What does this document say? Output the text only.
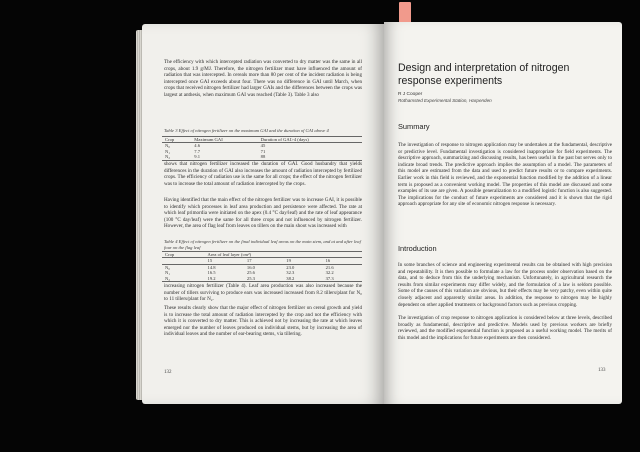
The efficiency with which intercepted radiation was converted to dry matter was the same in all crops, about 1.9 g/MJ. Therefore, the nitrogen fertilizer must have influenced the amount of radiation that was intercepted. In cereals more than 80 per cent of the incident radiation is being intercepted once GAI exceeds about four. There was no difference in GAI until March, when crops that received nitrogen fertilizer had larger GAIs and the differences between the crops was largest at anthesis, when maximum GAI was reached (Table 3). Table 3 also
Table 3 Effect of nitrogen fertilizer on the maximum GAI and the duration of GAI above 4
Crop	Maximum GAI	Duration of GAI>4 (days)
N₀	4.6	45
N₁	7.7	71
N₂	9.1	88
shows that nitrogen fertilizer increased the duration of GAI. Good husbandry that yields differences in the duration of GAI also increases the amount of radiation intercepted by fertilized crops. The efficiency of radiation use is the same for all crops; the effect of the nitrogen fertilizer was to increase the total amount of radiation intercepted by the crops.
Having identified that the main effect of the nitrogen fertilizer was to increase GAI, it is possible to identify which processes in leaf area production and persistence were affected. The rate at which leaf primordia were initiated on the apex (0.4 °C day/leaf) and the rate of leaf appearance (100 °C day/leaf) were the same for all three crops and not influenced by nitrogen fertilizer. However, the area of flag leaf from leaves on tillers on the main shoot was increased with
Table 4 Effect of nitrogen fertilizer on the final individual leaf areas on the main stem, and at and after leaf four on the flag leaf
Crop	Area of leaf layer (cm²)			
	15	17	19	16
N₀	14.8	16.0	23.0	21.6
N₁	16.5	25.6	32.3	32.2
N₂	19.2	25.3	38.2	37.3
increasing nitrogen fertilizer (Table 4). Leaf area production was also increased because the number of tillers surviving to produce ears was increased increased from 8.2 tillers/plant for N₀ to 11 tillers/plant for N₂.
These results clearly show that the major effect of nitrogen fertilizer on cereal growth and yield is to increase the total amount of radiation intercepted by the crop and not the efficiency with which it is converted to dry matter. This is achieved not by increasing the rate at which leaves emerged nor the number of leaves produced on individual stems, but by increasing the area of individual leaves and the number of ear-bearing stems, via tillering.
132
Design and interpretation of nitrogen response experiments
R J Cooper
Rothamsted Experimental Station, Harpenden
Summary
The investigation of response to nitrogen application may be undertaken at the fundamental, descriptive or predictive level. Fundamental investigation is considered inappropriate for field experiments. The descriptive approach, summarizing and discussing results, has been useful in the past but serves only to indicate broad trends. The predictive approach implies the assumption of a model. The parameters of this model are estimated from the data and used to predict future results or to compare experiments. Earlier work in this field is reviewed, and the exponential function modified by the addition of a linear term is proposed as a convenient working model. The properties of this model are discussed and some examples of its use are given. A possible generalization to a modified logistic function is also suggested. The implications for the conduct of future experiments are considered and it is shown that the rigid approach appropriate for any site of economic nitrogen response is necessary.
Introduction
In some branches of science and engineering experimental results can be obtained with high precision and repeatability. It is then possible to formulate a law for the process under observation based on the data, and to deduce from this the underlying mechanism. Unfortunately, in agricultural research the results from similar experiments may differ widely, and the formulation of a law is seldom possible. Some of the causes of this variation are obvious, but their effects may be very patchy, even within quite closely adjacent and apparently similar areas. In addition, the response to nitrogen may be highly dependent on other applied treatments or background factors such as previous cropping.
The investigation of crop response to nitrogen application is considered below at three levels, described broadly as fundamental, descriptive and predictive. Models used by previous workers are briefly reviewed, and the modified exponential function is proposed as a useful working model. The merits of this model and the implications for future experiments are then considered.
133
